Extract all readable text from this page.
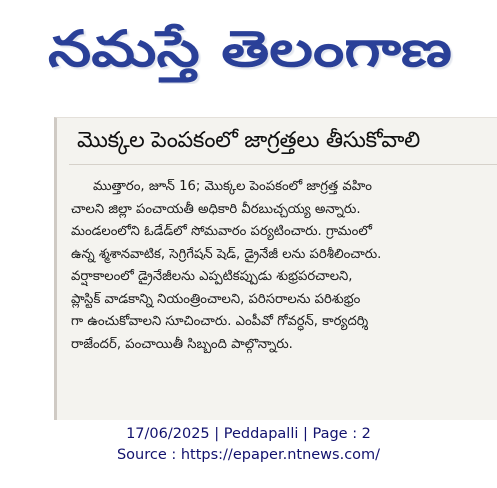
నమస్తే తెలంగాణ
మొక్కల పెంపకంలో జాగ్రత్తలు తీసుకోవాలి
ముత్తారం, జూన్ 16; మొక్కల పెంపకంలో జాగ్రత్త వహిం
చాలని జిల్లా పంచాయతీ అధికారి వీరబుచ్చయ్య అన్నారు.
మండలంలోని ఓడేడ్‌లో సోమవారం పర్యటించారు. గ్రామంలో
ఉన్న శ్మశానవాటిక, సెగ్రిగేషన్ షెడ్, డ్రైనేజీ లను పరిశీలించారు.
వర్షాకాలంలో డ్రైనేజీలను ఎప్పటికప్పుడు శుభ్రపరచాలని,
ప్లాస్టిక్ వాడకాన్ని నియంత్రించాలని, పరిసరాలను పరిశుభ్రం
గా ఉంచుకోవాలని సూచించారు. ఎంపీవో గోవర్ధన్, కార్యదర్శి
రాజేందర్, పంచాయితీ సిబ్బంది పాల్గొన్నారు.
17/06/2025 | Peddapalli | Page : 2
Source : https://epaper.ntnews.com/
